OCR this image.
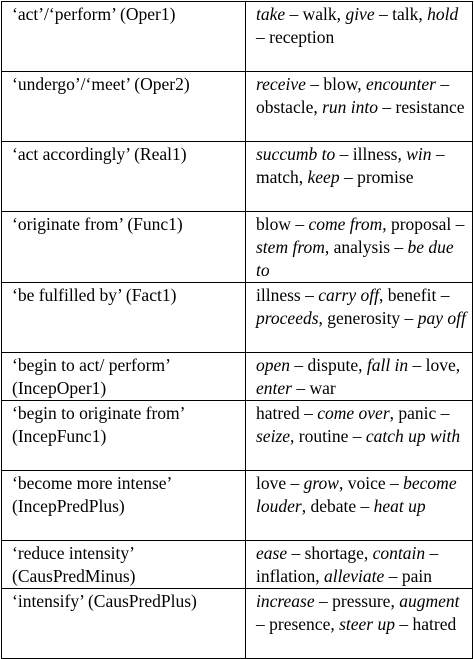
‘act’/‘perform’ (Oper1)	take – walk, give – talk, hold – reception
‘undergo’/‘meet’ (Oper2)	receive – blow, encounter – obstacle, run into – resistance
‘act accordingly’ (Real1)	succumb to – illness, win – match, keep – promise
‘originate from’ (Func1)	blow – come from, proposal – stem from, analysis – be due to
‘be fulfilled by’ (Fact1)	illness – carry off, benefit – proceeds, generosity – pay off
‘begin to act/ perform’ (IncepOper1)	open – dispute, fall in – love, enter – war
‘begin to originate from’ (IncepFunc1)	hatred – come over, panic – seize, routine – catch up with
‘become more intense’ (IncepPredPlus)	love – grow, voice – become louder, debate – heat up
‘reduce intensity’ (CausPredMinus)	ease – shortage, contain – inflation, alleviate – pain
‘intensify’ (CausPredPlus)	increase – pressure, augment – presence, steer up – hatred
